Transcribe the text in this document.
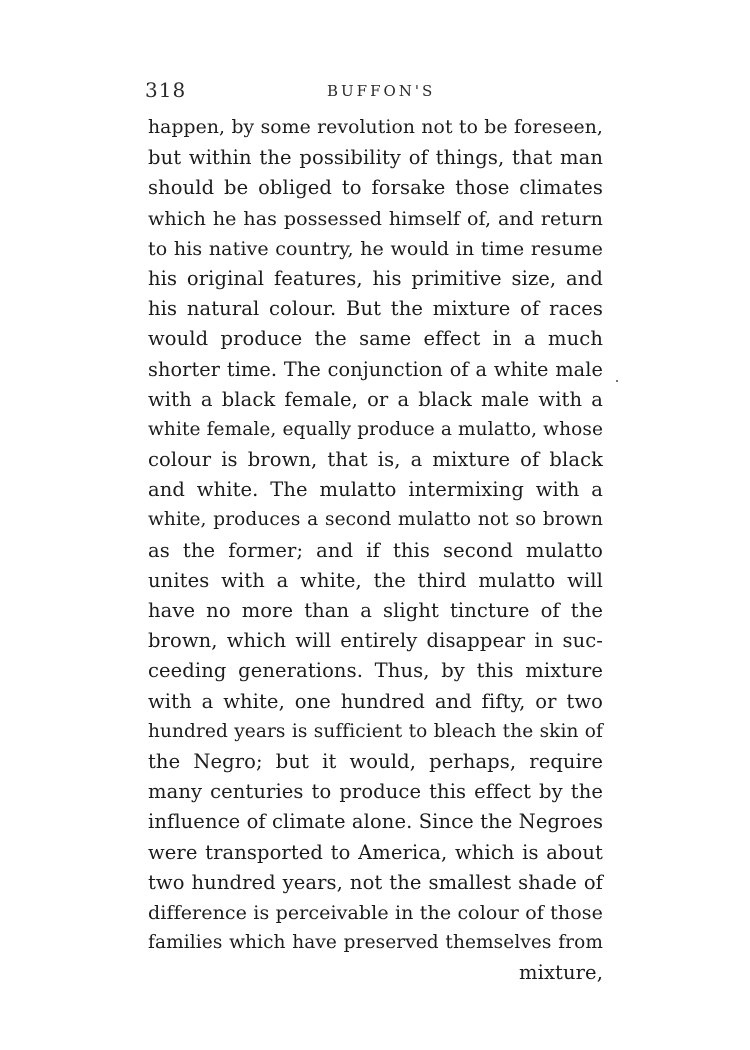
318	BUFFON'S
happen, by some revolution not to be foreseen,
but within the possibility of things, that man
should be obliged to forsake those climates
which he has possessed himself of, and return
to his native country, he would in time resume
his original features, his primitive size, and
his natural colour. But the mixture of races
would produce the same effect in a much
shorter time. The conjunction of a white male
with a black female, or a black male with a
white female, equally produce a mulatto, whose
colour is brown, that is, a mixture of black
and white. The mulatto intermixing with a
white, produces a second mulatto not so brown
as the former; and if this second mulatto
unites with a white, the third mulatto will
have no more than a slight tincture of the
brown, which will entirely disappear in suc-
ceeding generations. Thus, by this mixture
with a white, one hundred and fifty, or two
hundred years is sufficient to bleach the skin of
the Negro; but it would, perhaps, require
many centuries to produce this effect by the
influence of climate alone. Since the Negroes
were transported to America, which is about
two hundred years, not the smallest shade of
difference is perceivable in the colour of those
families which have preserved themselves from
mixture,
